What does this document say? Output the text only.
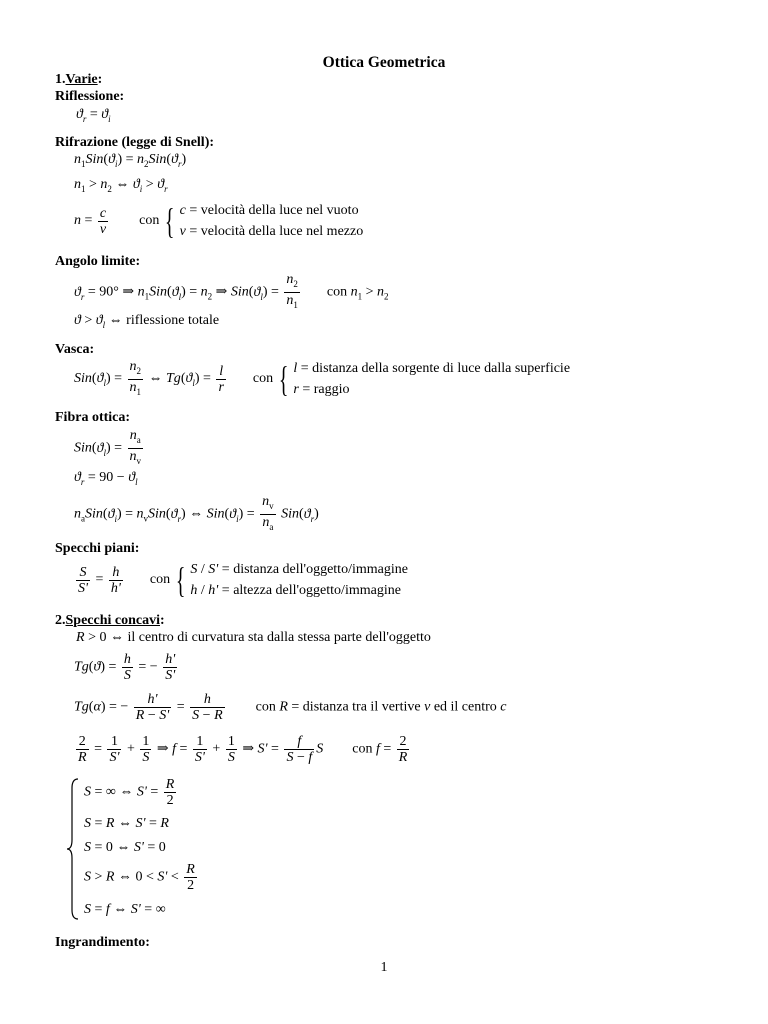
Ottica Geometrica
1.Varie:
Riflessione:
$ϑ_r = ϑ_i$
Rifrazione (legge di Snell):
$n_1Sin(ϑ_i) = n_2Sin(ϑ_r)$
$n_1 > n_2$ ⇔ $ϑ_i > ϑ_r$
$n = \frac{c}{v}$ con { c = velocità della luce nel vuoto
v = velocità della luce nel mezzo
Angolo limite:
$ϑ_r = 90^\circ$ ⇒ $n_1Sin(ϑ_l) = n_2$ ⇒ $Sin(ϑ_l) = \frac{n_2}{n_1}$ con $n_1 > n_2$
$ϑ > ϑ_l$ ⇔ riflessione totale
Vasca:
$Sin(ϑ_l) = \frac{n_2}{n_1}$ ⇔ $Tg(ϑ_l) = \frac{l}{r}$ con { l = distanza della sorgente di luce dalla superficie
r = raggio
Fibra ottica:
$Sin(ϑ_l) = \frac{n_a}{n_v}$
$ϑ_r = 90 - ϑ_l$
$n_aSin(ϑ_i) = n_vSin(ϑ_r)$ ⇔ $Sin(ϑ_i) = \frac{n_v}{n_a} Sin(ϑ_r)$
Specchi piani:
$\frac{S}{S'} = \frac{h}{h'}$ con { S / S' = distanza dell'oggetto/immagine
h / h' = altezza dell'oggetto/immagine
2.Specchi concavi:
R > 0 ⇔ il centro di curvatura sta dalla stessa parte dell'oggetto
$Tg(ϑ) = \frac{h}{S}$ = − $\frac{h'}{S'}$
Tg(α) = − $\frac{h'}{R - S'} = \frac{h}{S - R}$ con R = distanza tra il vertive v ed il centro c
$\frac{2}{R} = \frac{1}{S'} + \frac{1}{S}$ ⇒ $f = \frac{1}{S'} + \frac{1}{S}$ ⇒ $S' = \frac{f}{S - f}$ S con $f = \frac{2}{R}$
S = ∞ ⇔ $S' = \frac{R}{2}$
S = R ⇔ S' = R
S = 0 ⇔ S' = 0
S > R ⇔ $0 < S' < \frac{R}{2}$
S = f ⇔ S' = ∞
Ingrandimento:
1
